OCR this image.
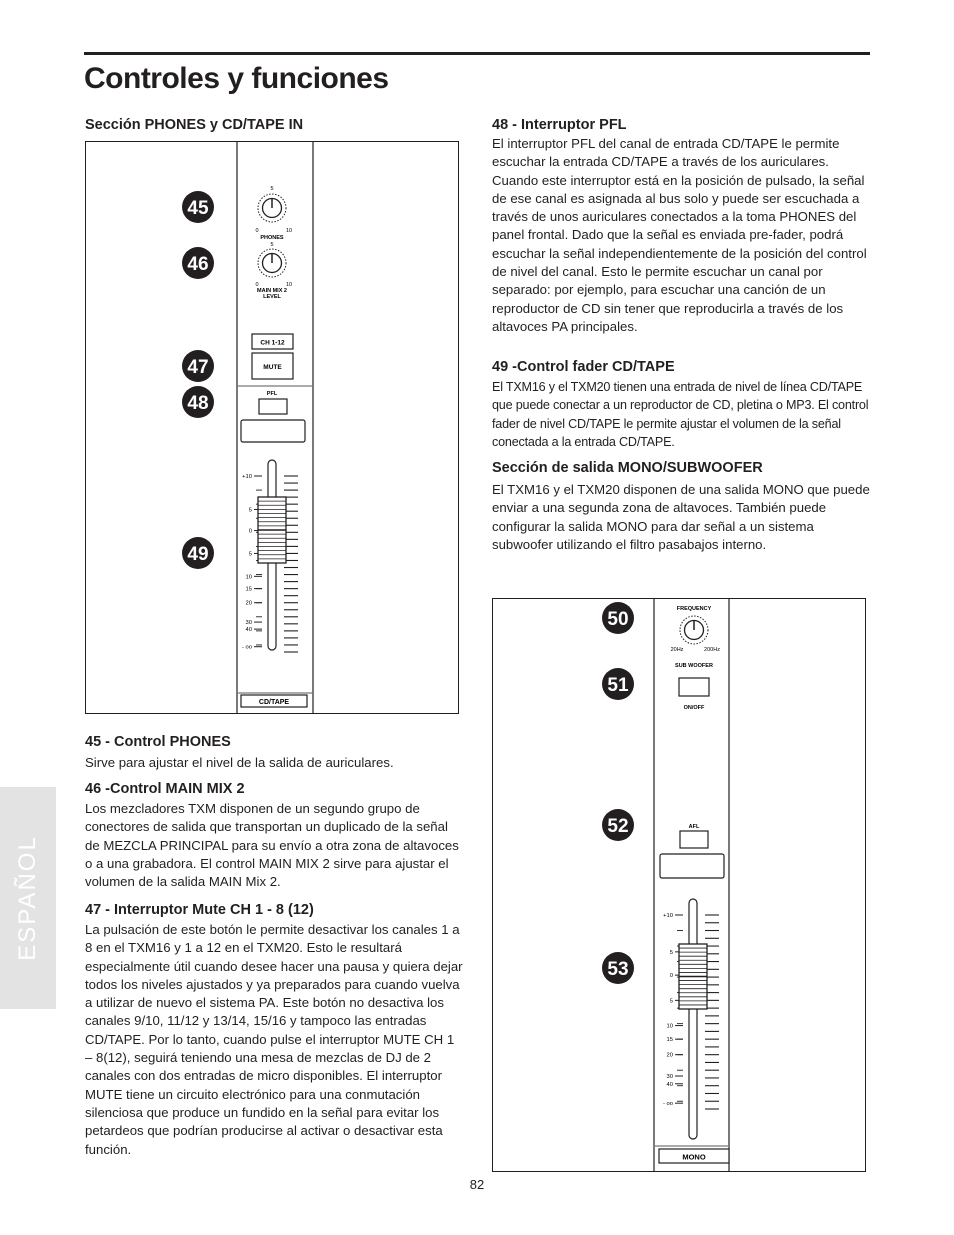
Controles y funciones
ESPAÑOL
Sección PHONES y CD/TAPE IN
45
46
47
48
49
5
0	10
PHONES
5
0	10
MAIN MIX 2
LEVEL
CH 1-12
MUTE
PFL
+10
5
0
5
10
15
20
30
40
- oo
CD/TAPE
45 - Control PHONES

Sirve para ajustar el nivel de la salida de auriculares.

46 -Control MAIN MIX 2

Los mezcladores TXM disponen de un segundo grupo de conectores de salida que transportan un duplicado de la señal de MEZCLA PRINCIPAL para su envío a otra zona de altavoces o a una grabadora. El control MAIN MIX 2 sirve para ajustar el volumen de la salida MAIN Mix 2.

47 - Interruptor Mute CH 1 - 8 (12)

La pulsación de este botón le permite desactivar los canales 1 a 8 en el TXM16 y 1 a 12 en el TXM20. Esto le resultará especialmente útil cuando desee hacer una pausa y quiera dejar todos los niveles ajustados y ya preparados para cuando vuelva a utilizar de nuevo el sistema PA. Este botón no desactiva los canales 9/10, 11/12 y 13/14, 15/16 y tampoco las entradas CD/TAPE. Por lo tanto, cuando pulse el interruptor MUTE CH 1 – 8(12), seguirá teniendo una mesa de mezclas de DJ de 2 canales con dos entradas de micro disponibles. El interruptor MUTE tiene un circuito electrónico para una conmutación silenciosa que produce un fundido en la señal para evitar los petardeos que podrían producirse al activar o desactivar esta función.

48 - Interruptor PFL

El interruptor PFL del canal de entrada CD/TAPE le permite escuchar la entrada CD/TAPE a través de los auriculares. Cuando este interruptor está en la posición de pulsado, la señal de ese canal es asignada al bus solo y puede ser escuchada a través de unos auriculares conectados a la toma PHONES del panel frontal. Dado que la señal es enviada pre-fader, podrá escuchar la señal independientemente de la posición del control de nivel del canal. Esto le permite escuchar un canal por separado: por ejemplo, para escuchar una canción de un reproductor de CD sin tener que reproducirla a través de los altavoces PA principales.

49 -Control fader CD/TAPE

El TXM16 y el TXM20 tienen una entrada de nivel de línea CD/TAPE que puede conectar a un reproductor de CD, pletina o MP3. El control fader de nivel CD/TAPE le permite ajustar el volumen de la señal conectada a la entrada CD/TAPE.

Sección de salida MONO/SUBWOOFER

El TXM16 y el TXM20 disponen de una salida MONO que puede enviar a una segunda zona de altavoces. También puede configurar la salida MONO para dar señal a un sistema subwoofer utilizando el filtro pasabajos interno.

50
51
52
53
FREQUENCY
20Hz	200Hz
SUB WOOFER
ON/OFF
AFL
+10
5
0
5
10
15
20
30
40
- oo
MONO
82
